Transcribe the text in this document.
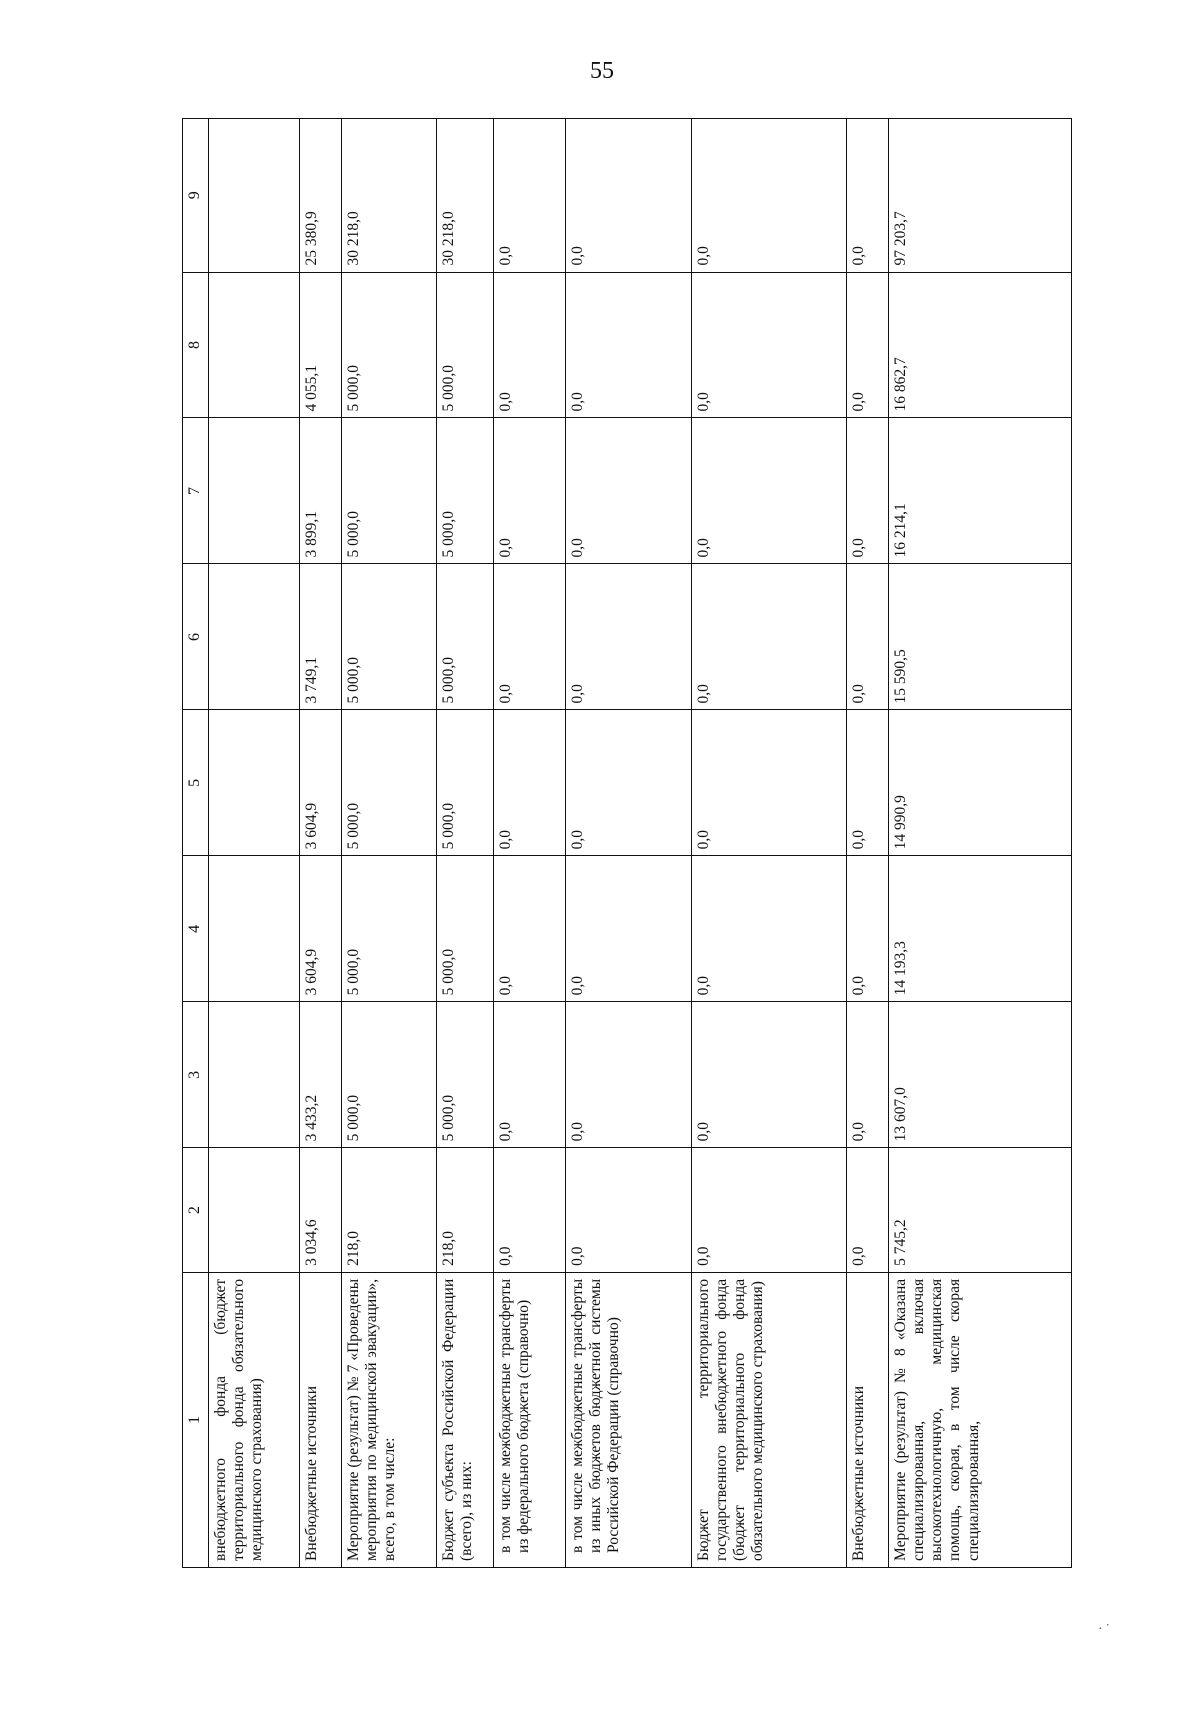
55
1	2	3	4	5	6	7	8	9
внебюджетного фонда (бюджет территориального фонда обязательного медицинского страхования)								
Внебюджетные источники	3 034,6	3 433,2	3 604,9	3 604,9	3 749,1	3 899,1	4 055,1	25 380,9
Мероприятие (результат) № 7 «Проведены мероприятия по медицинской эвакуации», всего, в том числе:	218,0	5 000,0	5 000,0	5 000,0	5 000,0	5 000,0	5 000,0	30 218,0
Бюджет субъекта Российской Федерации (всего), из них:	218,0	5 000,0	5 000,0	5 000,0	5 000,0	5 000,0	5 000,0	30 218,0
в том числе межбюджетные трансферты из федерального бюджета (справочно)	0,0	0,0	0,0	0,0	0,0	0,0	0,0	0,0
в том числе межбюджетные трансферты из иных бюджетов бюджетной системы Российской Федерации (справочно)	0,0	0,0	0,0	0,0	0,0	0,0	0,0	0,0
Бюджет территориального государственного внебюджетного фонда (бюджет территориального фонда обязательного медицинского страхования)	0,0	0,0	0,0	0,0	0,0	0,0	0,0	0,0
Внебюджетные источники	0,0	0,0	0,0	0,0	0,0	0,0	0,0	0,0
Мероприятие (результат) № 8 «Оказана специализированная, включая высокотехнологичную, медицинская помощь, скорая, в том числе скорая специализированная,	5 745,2	13 607,0	14 193,3	14 990,9	15 590,5	16 214,1	16 862,7	97 203,7
· ˙
